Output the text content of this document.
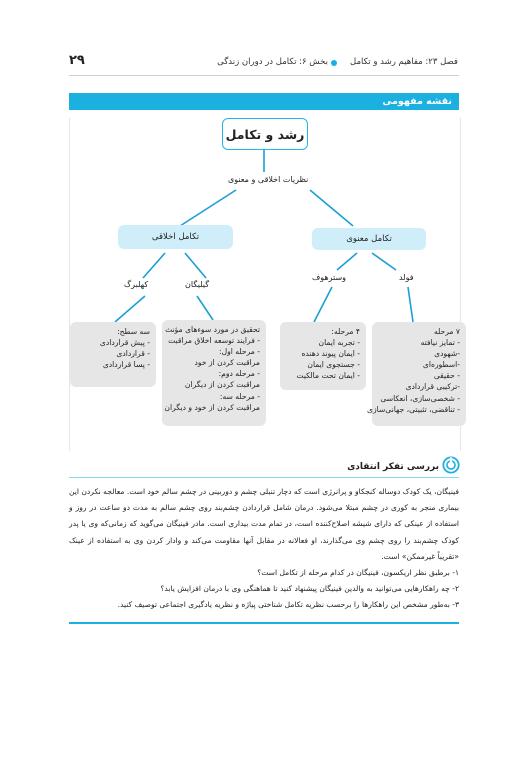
فصل ۲۳: مفاهیم رشد و تکامل
بخش ۶: تکامل در دوران زندگی
۲۹
نقشه مفهومی
رشد و تکامل
نظریات اخلاقی و معنوی
تکامل اخلاقی	تکامل معنوی
کهلبرگ	گیلیگان
وسترهوف	فولد
سه سطح:
- پیش قراردادی
- قراردادی
- پسا قراردادی
تحقیق در مورد سوءهای مؤنث
- فرایند توسعه اخلاق مراقبت
- مرحله اول:
مراقبت کردن از خود
- مرحله دوم:
مراقبت کردن از دیگران
- مرحله سه:
مراقبت کردن از خود و دیگران
۴ مرحله:
- تجربه ایمان
- ایمان پیوند دهنده
- جستجوی ایمان
- ایمان تحت مالکیت
۷ مرحله
- تمایز نیافته
-شهودی
-اسطوره‌ای
- حقیقی
-ترکیبی قراردادی
- شخصی‌سازی، انعکاسی
- تناقضی، تثبیتی، جهانی‌سازی
بررسی تفکر انتقادی

فینیگان، یک کودک دوساله کنجکاو و پرانرژی است که دچار تنبلی چشم و دوربینی در چشم سالم خود است. معالجه نکردن این بیماری منجر به کوری در چشم مبتلا می‌شود. درمان شامل قراردادن چشم‌بند روی چشم سالم به مدت دو ساعت در روز و استفاده از عینکی که دارای شیشه اصلاح‌کننده است، در تمام مدت بیداری است. مادر فینیگان می‌گوید که زمانی‌که وی یا پدر کودک چشم‌بند را روی چشم وی می‌گذارند، او فعالانه در مقابل آنها مقاومت می‌کند و وادار کردن وی به استفاده از عینک «تقریباً غیرممکن» است.

۱- برطبق نظر اریکسون، فینیگان در کدام مرحله از تکامل است؟

۲- چه راهکارهایی می‌توانید به والدین فینیگان پیشنهاد کنید تا هماهنگی وی با درمان افزایش یابد؟

۳- به‌طور مشخص این راهکارها را برحسب نظریه تکامل شناختی پیاژه و نظریه یادگیری اجتماعی توصیف کنید.
